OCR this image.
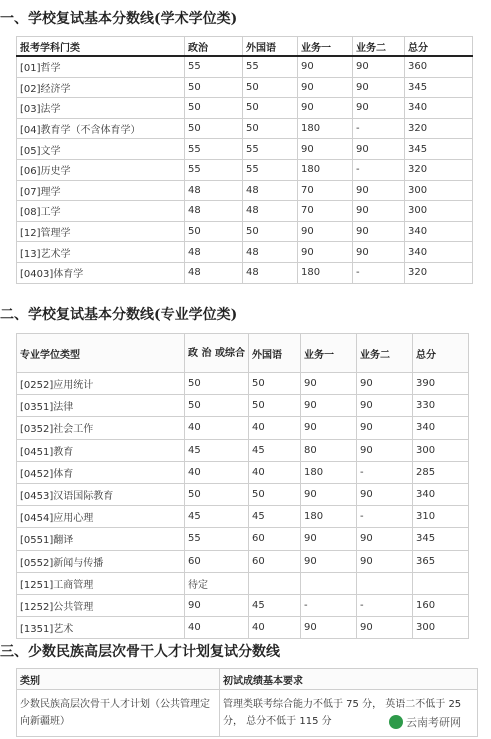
一、学校复试基本分数线(学术学位类)
报考学科门类	政治	外国语	业务一	业务二	总分
[01]哲学	55	55	90	90	360
[02]经济学	50	50	90	90	345
[03]法学	50	50	90	90	340
[04]教育学（不含体育学）	50	50	180	-	320
[05]文学	55	55	90	90	345
[06]历史学	55	55	180	-	320
[07]理学	48	48	70	90	300
[08]工学	48	48	70	90	300
[12]管理学	50	50	90	90	340
[13]艺术学	48	48	90	90	340
[0403]体育学	48	48	180	-	320
二、学校复试基本分数线(专业学位类)
专业学位类型	政 治 或综合	外国语	业务一	业务二	总分
[0252]应用统计	50	50	90	90	390
[0351]法律	50	50	90	90	330
[0352]社会工作	40	40	90	90	340
[0451]教育	45	45	80	90	300
[0452]体育	40	40	180	-	285
[0453]汉语国际教育	50	50	90	90	340
[0454]应用心理	45	45	180	-	310
[0551]翻译	55	60	90	90	345
[0552]新闻与传播	60	60	90	90	365
[1251]工商管理	待定				
[1252]公共管理	90	45	-	-	160
[1351]艺术	40	40	90	90	300
三、少数民族高层次骨干人才计划复试分数线
类别	初试成绩基本要求
少数民族高层次骨干人才计划（公共管理定向新疆班）	管理类联考综合能力不低于 75 分， 英语二不低于 25 分， 总分不低于 115 分	云南考研网
